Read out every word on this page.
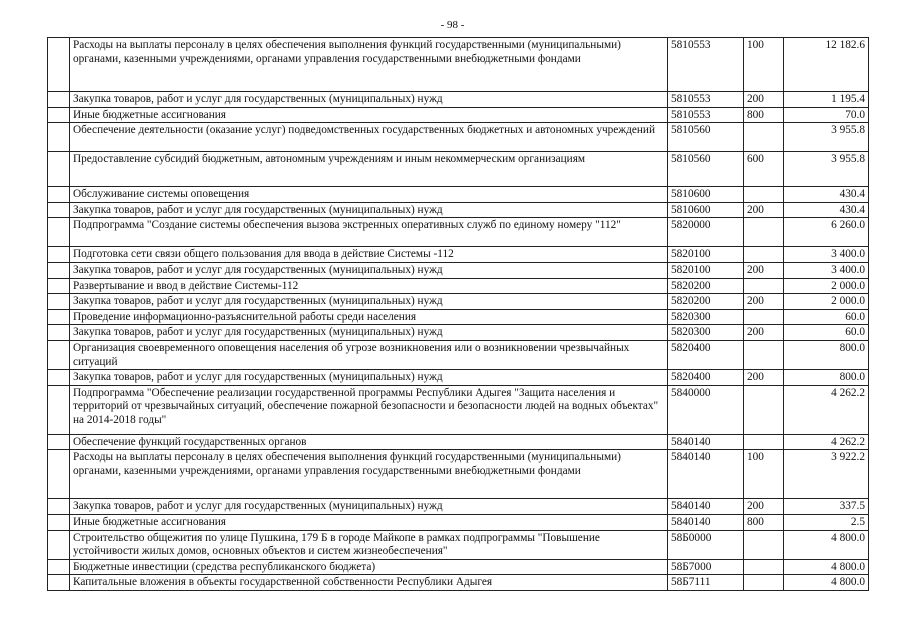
- 98 -
	Расходы на выплаты персоналу в целях обеспечения выполнения функций государственными (муниципальными) органами, казенными учреждениями, органами управления государственными внебюджетными фондами	5810553	100	12 182.6
	Закупка товаров, работ и услуг для государственных (муниципальных) нужд	5810553	200	1 195.4
	Иные бюджетные ассигнования	5810553	800	70.0
	Обеспечение деятельности (оказание услуг) подведомственных государственных бюджетных и автономных учреждений	5810560		3 955.8
	Предоставление субсидий бюджетным, автономным учреждениям и иным некоммерческим организациям	5810560	600	3 955.8
	Обслуживание системы оповещения	5810600		430.4
	Закупка товаров, работ и услуг для государственных (муниципальных) нужд	5810600	200	430.4
	Подпрограмма "Создание системы обеспечения вызова экстренных оперативных служб по единому номеру "112"	5820000		6 260.0
	Подготовка сети связи общего пользования для ввода в действие Системы -112	5820100		3 400.0
	Закупка товаров, работ и услуг для государственных (муниципальных) нужд	5820100	200	3 400.0
	Развертывание и ввод в действие Системы-112	5820200		2 000.0
	Закупка товаров, работ и услуг для государственных (муниципальных) нужд	5820200	200	2 000.0
	Проведение информационно-разъяснительной работы среди населения	5820300		60.0
	Закупка товаров, работ и услуг для государственных (муниципальных) нужд	5820300	200	60.0
	Организация своевременного оповещения населения об угрозе возникновения или о возникновении чрезвычайных ситуаций	5820400		800.0
	Закупка товаров, работ и услуг для государственных (муниципальных) нужд	5820400	200	800.0
	Подпрограмма "Обеспечение реализации государственной программы Республики Адыгея "Защита населения и территорий от чрезвычайных ситуаций, обеспечение пожарной безопасности и безопасности людей на водных объектах" на 2014-2018 годы"	5840000		4 262.2
	Обеспечение функций государственных органов	5840140		4 262.2
	Расходы на выплаты персоналу в целях обеспечения выполнения функций государственными (муниципальными) органами, казенными учреждениями, органами управления государственными внебюджетными фондами	5840140	100	3 922.2
	Закупка товаров, работ и услуг для государственных (муниципальных) нужд	5840140	200	337.5
	Иные бюджетные ассигнования	5840140	800	2.5
	Строительство общежития по улице Пушкина, 179 Б в городе Майкопе в рамках подпрограммы "Повышение устойчивости жилых домов, основных объектов и систем жизнеобеспечения"	58Б0000		4 800.0
	Бюджетные инвестиции (средства республиканского бюджета)	58Б7000		4 800.0
	Капитальные вложения в объекты государственной собственности Республики Адыгея	58Б7111		4 800.0
